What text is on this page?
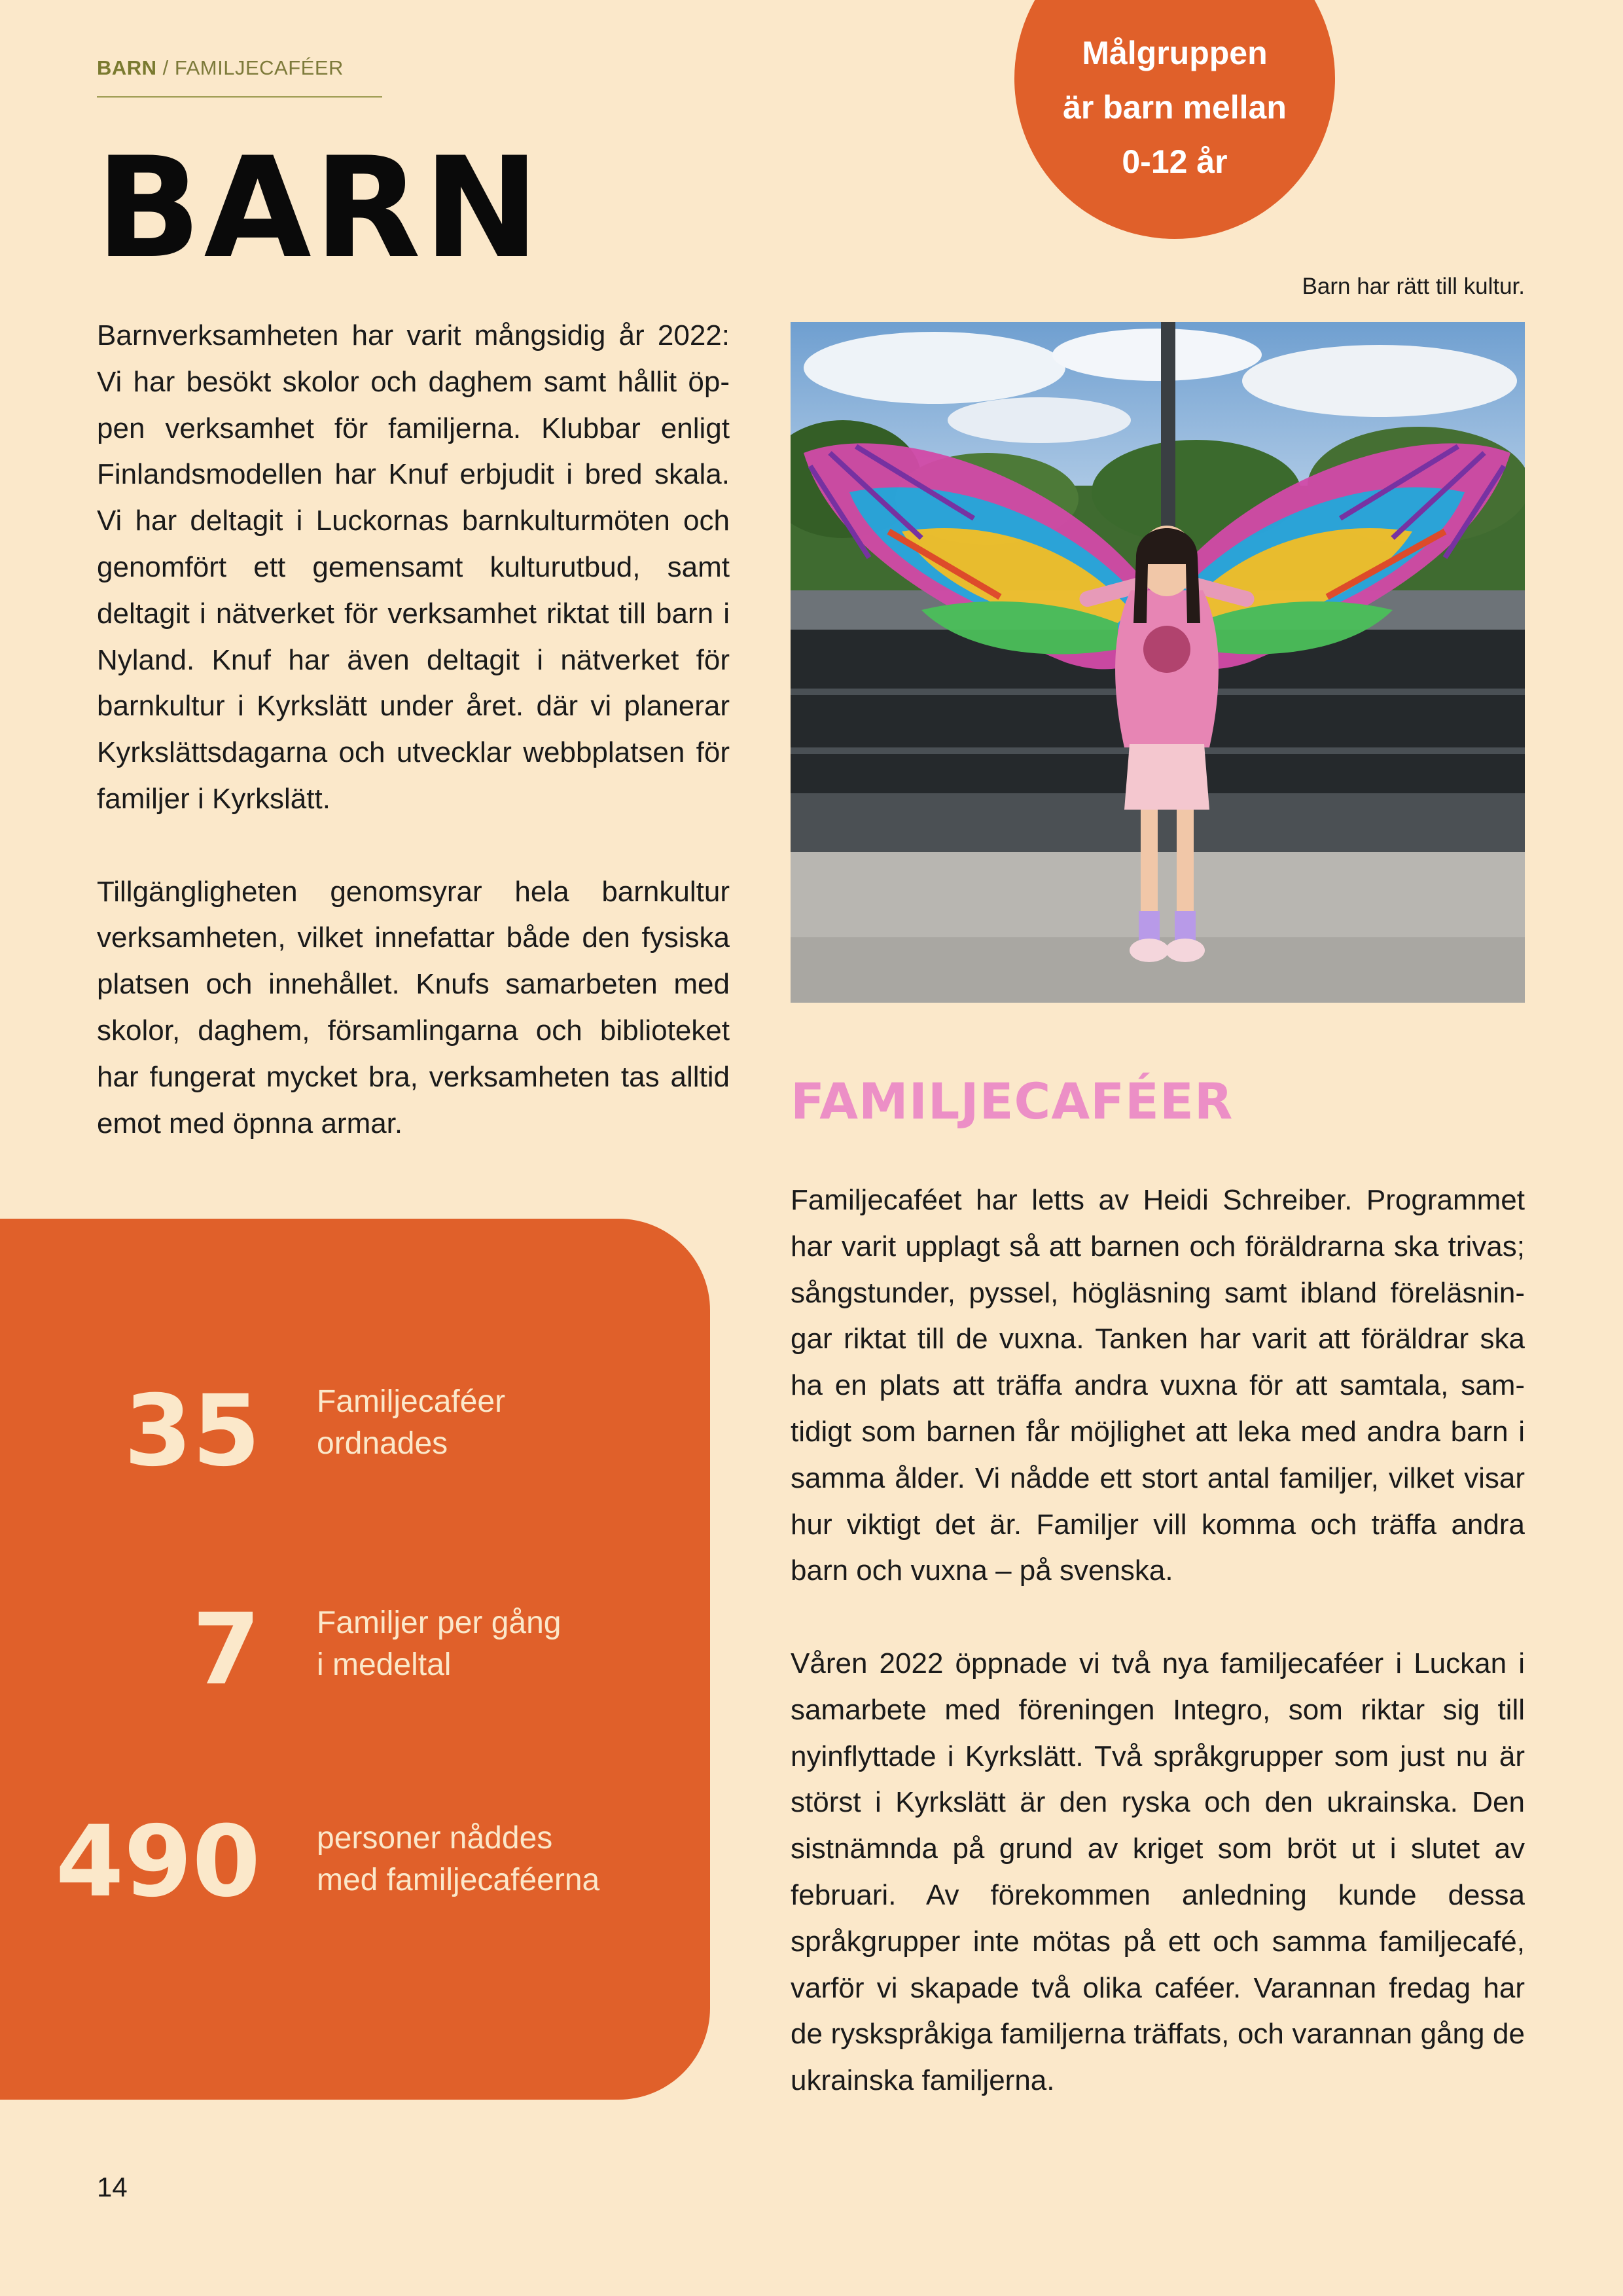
BARN / FAMILJECAFÉER
BARN
Målgruppen
är barn mellan
0-12 år
Barn har rätt till kultur.

Barnverksamheten har varit mångsidig år 2022: Vi har besökt skolor och daghem samt hållit öppen verksamhet för familjerna. Klubbar enligt Finlandsmodellen har Knuf erbjudit i bred skala. Vi har deltagit i Luckornas barnkulturmöten och genomfört ett gemensamt kulturutbud, samt deltagit i nätverket för verksamhet riktat till barn i Nyland. Knuf har även deltagit i nätverket för barnkultur i Kyrkslätt under året. där vi planerar Kyrkslättsdagarna och utvecklar webbplatsen för familjer i Kyrkslätt.

Tillgängligheten genomsyrar hela barnkultur verksamheten, vilket innefattar både den fysiska platsen och innehållet. Knufs samarbeten med skolor, daghem, församlingarna och biblioteket har fungerat mycket bra, verksamheten tas alltid emot med öpnna armar.	FAMILJECAFÉER

Familjecaféet har letts av Heidi Schreiber. Programmet har varit upplagt så att barnen och föräldrarna ska trivas; sångstunder, pyssel, högläsning samt ibland föreläsningar riktat till de vuxna. Tanken har varit att föräldrar ska ha en plats att träffa andra vuxna för att samtala, samtidigt som barnen får möjlighet att leka med andra barn i samma ålder. Vi nådde ett stort antal familjer, vilket visar hur viktigt det är. Familjer vill komma och träffa andra barn och vuxna – på svenska.

Våren 2022 öppnade vi två nya familjecaféer i Luckan i samarbete med föreningen Integro, som riktar sig till nyinflyttade i Kyrkslätt. Två språkgrupper som just nu är störst i Kyrkslätt är den ryska och den ukrainska. Den sistnämnda på grund av kriget som bröt ut i slutet av februari. Av förekommen anledning kunde dessa språkgrupper inte mötas på ett och samma familjecafé, varför vi skapade två olika caféer. Varannan fredag har de ryskspråkiga familjerna träffats, och varannan gång de ukrainska familjerna.

35 Familjecaféer
ordnades
7 Familjer per gång
i medeltal
490 personer nåddes
med familjecaféerna
14
